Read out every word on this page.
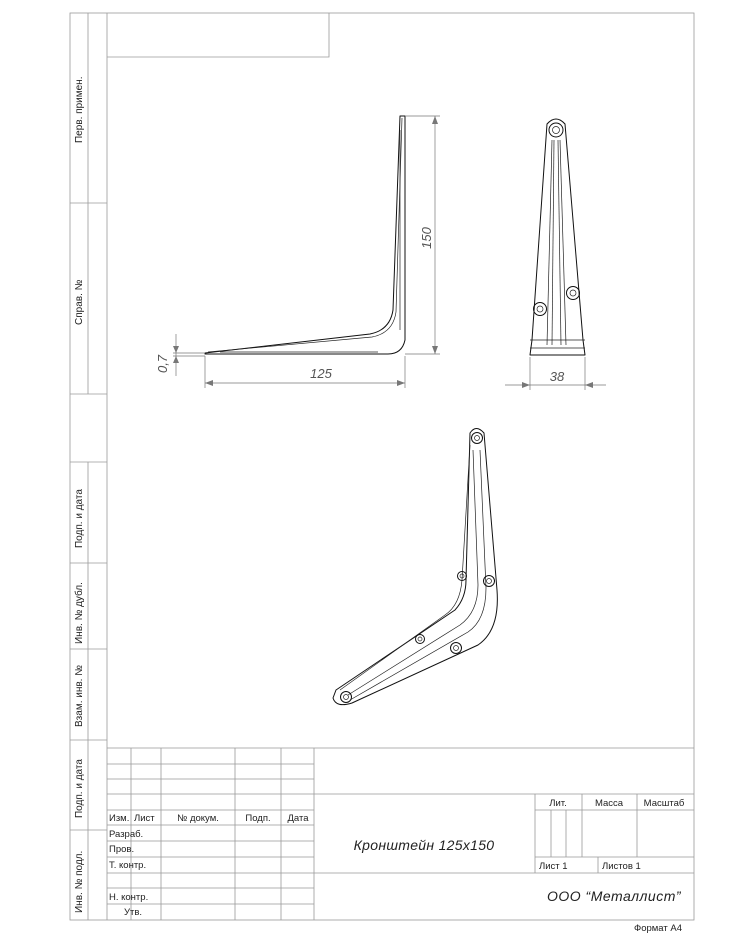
Перв. примен.
Справ. №
Подп. и дата
Инв. № дубл.
Взам. инв. №
Подп. и дата
Инв. № подл.
150
125
0,7
38
Изм. Лист № докум.	Подп. Дата
Разраб.
Пров.
Т. контр.
Н. контр.
Утв.
Кронштейн 125х150
Лит.	Масса Масштаб
Лист 1	Листов 1
ООО “Металлист”
Формат А4
